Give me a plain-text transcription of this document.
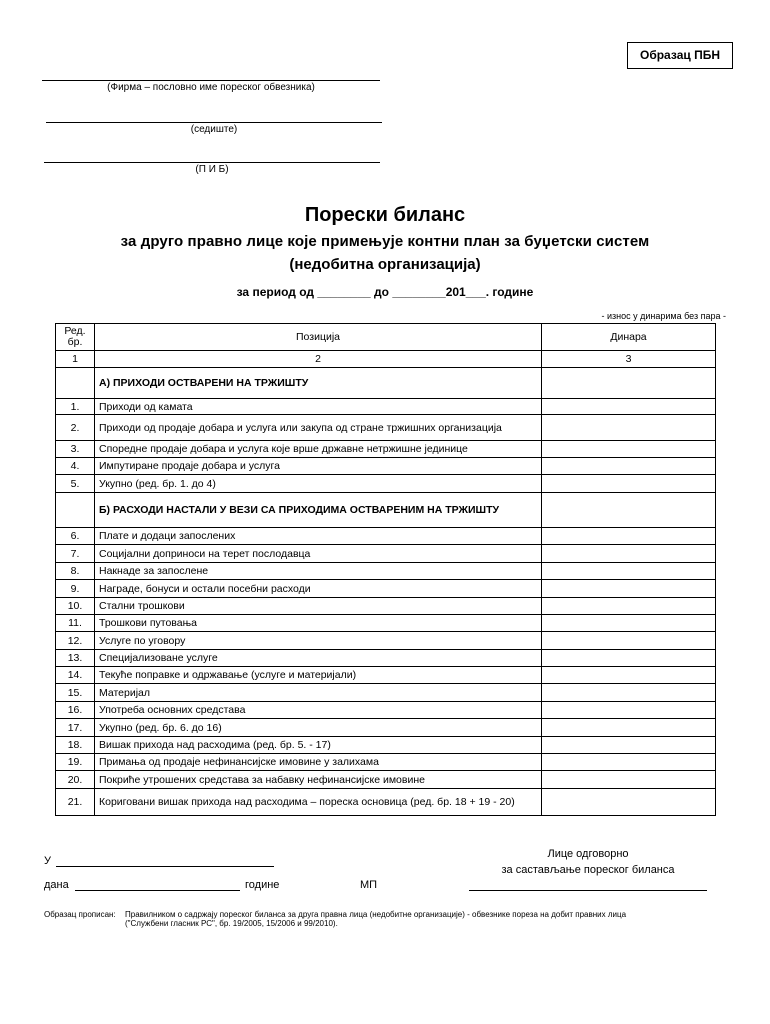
Образац ПБН
(Фирма – пословно име пореског обвезника)
(седиште)
(П И Б)
Порески биланс
за друго правно лице које примењује контни план за буџетски систем
(недобитна организација)
за период од ________ до ________201___. године
- износ у динарима без пара -
Ред. бр.	Позиција	Динара
1	2	3
	А) ПРИХОДИ ОСТВАРЕНИ НА ТРЖИШТУ	
1.	Приходи од камата	
2.	Приходи од продаје добара и услуга или закупа од стране тржишних организација	
3.	Споредне продаје добара и услуга које врше државне нетржишне јединице	
4.	Импутиране продаје добара и услуга	
5.	Укупно (ред. бр. 1. до 4)	
	Б) РАСХОДИ НАСТАЛИ У ВЕЗИ СА ПРИХОДИМА ОСТВАРЕНИМ НА ТРЖИШТУ	
6.	Плате и додаци запослених	
7.	Социјални доприноси на терет послодавца	
8.	Накнаде за запослене	
9.	Награде, бонуси и остали посебни расходи	
10.	Стални трошкови	
11.	Трошкови путовања	
12.	Услуге по уговору	
13.	Специјализоване услуге	
14.	Текуће поправке и одржавање (услуге и материјали)	
15.	Материјал	
16.	Употреба основних средстава	
17.	Укупно (ред. бр. 6. до 16)	
18.	Вишак прихода над расходима (ред. бр. 5. - 17)	
19.	Примања од продаје нефинансијске имовине у залихама	
20.	Покриће утрошених средстава за набавку нефинансијске имовине	
21.	Кориговани вишак прихода над расходима – пореска основица (ред. бр. 18 + 19 - 20)	
У
дана	године	МП
Лице одговорно
за састављање пореског биланса
Образац прописан: Правилником о садржају пореског биланса за друга правна лица (недобитне организације) - обвезнике пореза на добит правних лица
("Службени гласник РС", бр. 19/2005, 15/2006 и 99/2010).
